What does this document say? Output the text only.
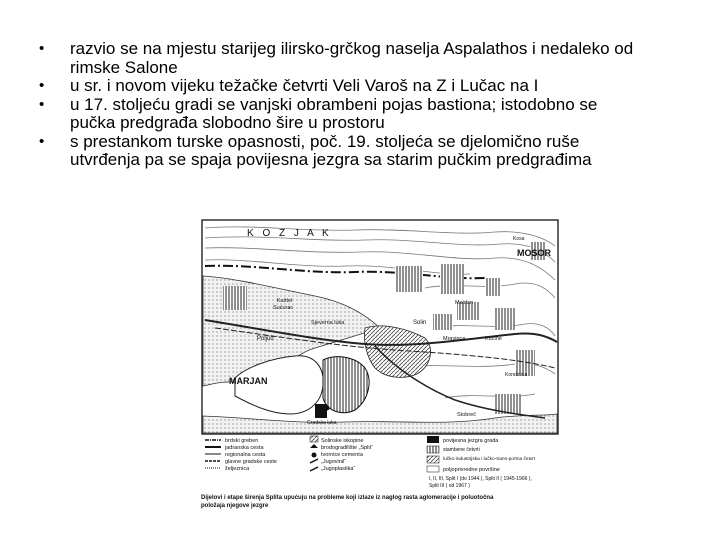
• razvio se na mjestu starijeg ilirsko-grčkog naselja Aspalathos i nedaleko od
rimske Salone
• u sr. i novom vijeku težačke četvrti Veli Varoš na Z i Lučac na I
• u 17. stoljeću gradi se vanjski obrambeni pojas bastiona; istodobno se
pučka predgrađa slobodno šire u prostoru
• s prestankom turske opasnosti, poč. 19. stoljeća se djelomično ruše
utvrđenja pa se spaja povijesna jezgra sa starim pučkim predgrađima
K O Z J A K
MOSOR
Kosa
Kaštel
Sućurac
Sjeverna luka	Solin
Majdan
Poljud	Mravince	Kučine
MARJAN
Korešnica
Stobreč
Gradska luka
brdski greben
jadranska cesta
regionalna cesta
glavne gradske ceste
željeznica
Solinske iskopine
brodogradilište „Split“
tvornice cementa
„Jugovinil“
„Jugoplastika“
povijesna jezgra grada
stambene četvrti
lučko-industrijska i lučko-trans-portna četvrt
poljoprivredne površine
I, II, III, Split I (do 1944.), Split II ( 1945-1966 ),
Split III ( od 1967 )
Dijelovi i etape širenja Splita upućuju na probleme koji izlaze iz naglog rasta aglomeracije i poluotočna
položaja njegove jezgre
